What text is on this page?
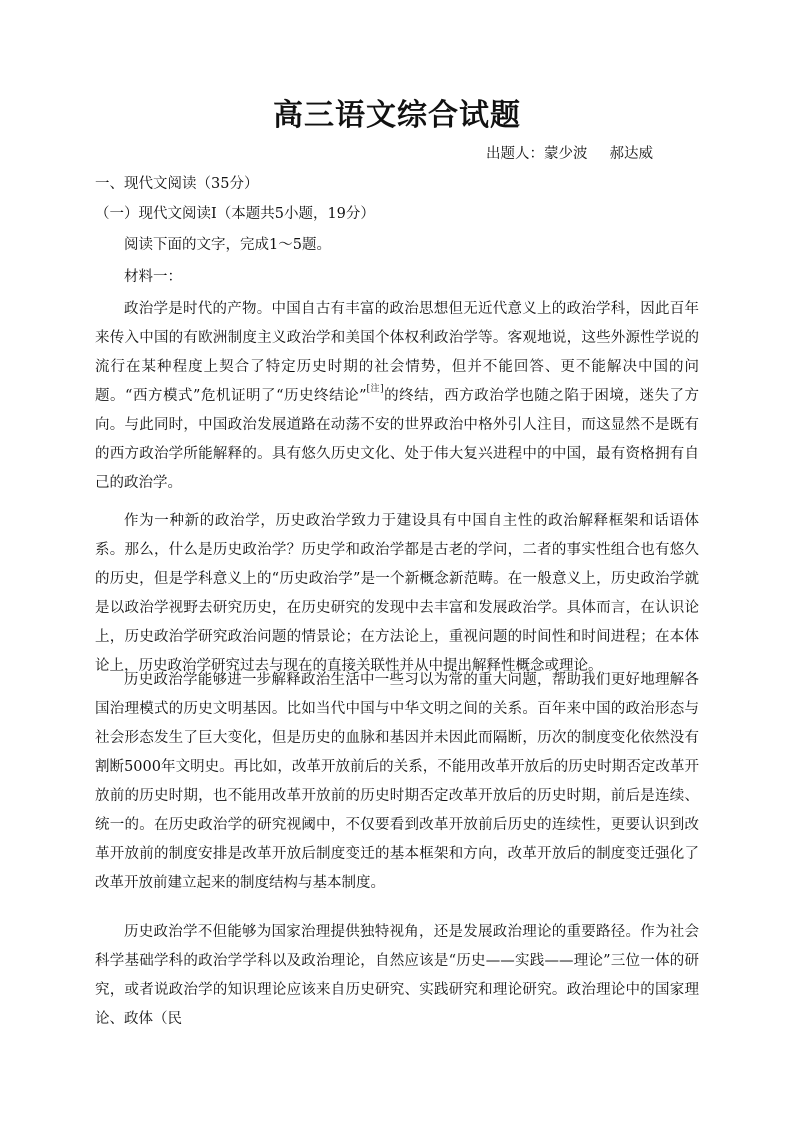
高三语文综合试题
出题人：蒙少波 郝达威
一、现代文阅读（35分）
（一）现代文阅读Ⅰ（本题共5小题，19分）
阅读下面的文字，完成1～5题。
材料一：

政治学是时代的产物。中国自古有丰富的政治思想但无近代意义上的政治学科，因此百年来传入中国的有欧洲制度主义政治学和美国个体权利政治学等。客观地说，这些外源性学说的流行在某种程度上契合了特定历史时期的社会情势，但并不能回答、更不能解决中国的问题。“西方模式”危机证明了“历史终结论”[注]的终结，西方政治学也随之陷于困境，迷失了方向。与此同时，中国政治发展道路在动荡不安的世界政治中格外引人注目，而这显然不是既有的西方政治学所能解释的。具有悠久历史文化、处于伟大复兴进程中的中国，最有资格拥有自己的政治学。

作为一种新的政治学，历史政治学致力于建设具有中国自主性的政治解释框架和话语体系。那么，什么是历史政治学？历史学和政治学都是古老的学问，二者的事实性组合也有悠久的历史，但是学科意义上的“历史政治学”是一个新概念新范畴。在一般意义上，历史政治学就是以政治学视野去研究历史，在历史研究的发现中去丰富和发展政治学。具体而言，在认识论上，历史政治学研究政治问题的情景论；在方法论上，重视问题的时间性和时间进程；在本体论上，历史政治学研究过去与现在的直接关联性并从中提出解释性概念或理论。

历史政治学能够进一步解释政治生活中一些习以为常的重大问题，帮助我们更好地理解各国治理模式的历史文明基因。比如当代中国与中华文明之间的关系。百年来中国的政治形态与社会形态发生了巨大变化，但是历史的血脉和基因并未因此而隔断，历次的制度变化依然没有割断5000年文明史。再比如，改革开放前后的关系，不能用改革开放后的历史时期否定改革开放前的历史时期，也不能用改革开放前的历史时期否定改革开放后的历史时期，前后是连续、统一的。在历史政治学的研究视阈中，不仅要看到改革开放前后历史的连续性，更要认识到改革开放前的制度安排是改革开放后制度变迁的基本框架和方向，改革开放后的制度变迁强化了改革开放前建立起来的制度结构与基本制度。

历史政治学不但能够为国家治理提供独特视角，还是发展政治理论的重要路径。作为社会科学基础学科的政治学学科以及政治理论，自然应该是“历史——实践——理论”三位一体的研究，或者说政治学的知识理论应该来自历史研究、实践研究和理论研究。政治理论中的国家理论、政体（民
